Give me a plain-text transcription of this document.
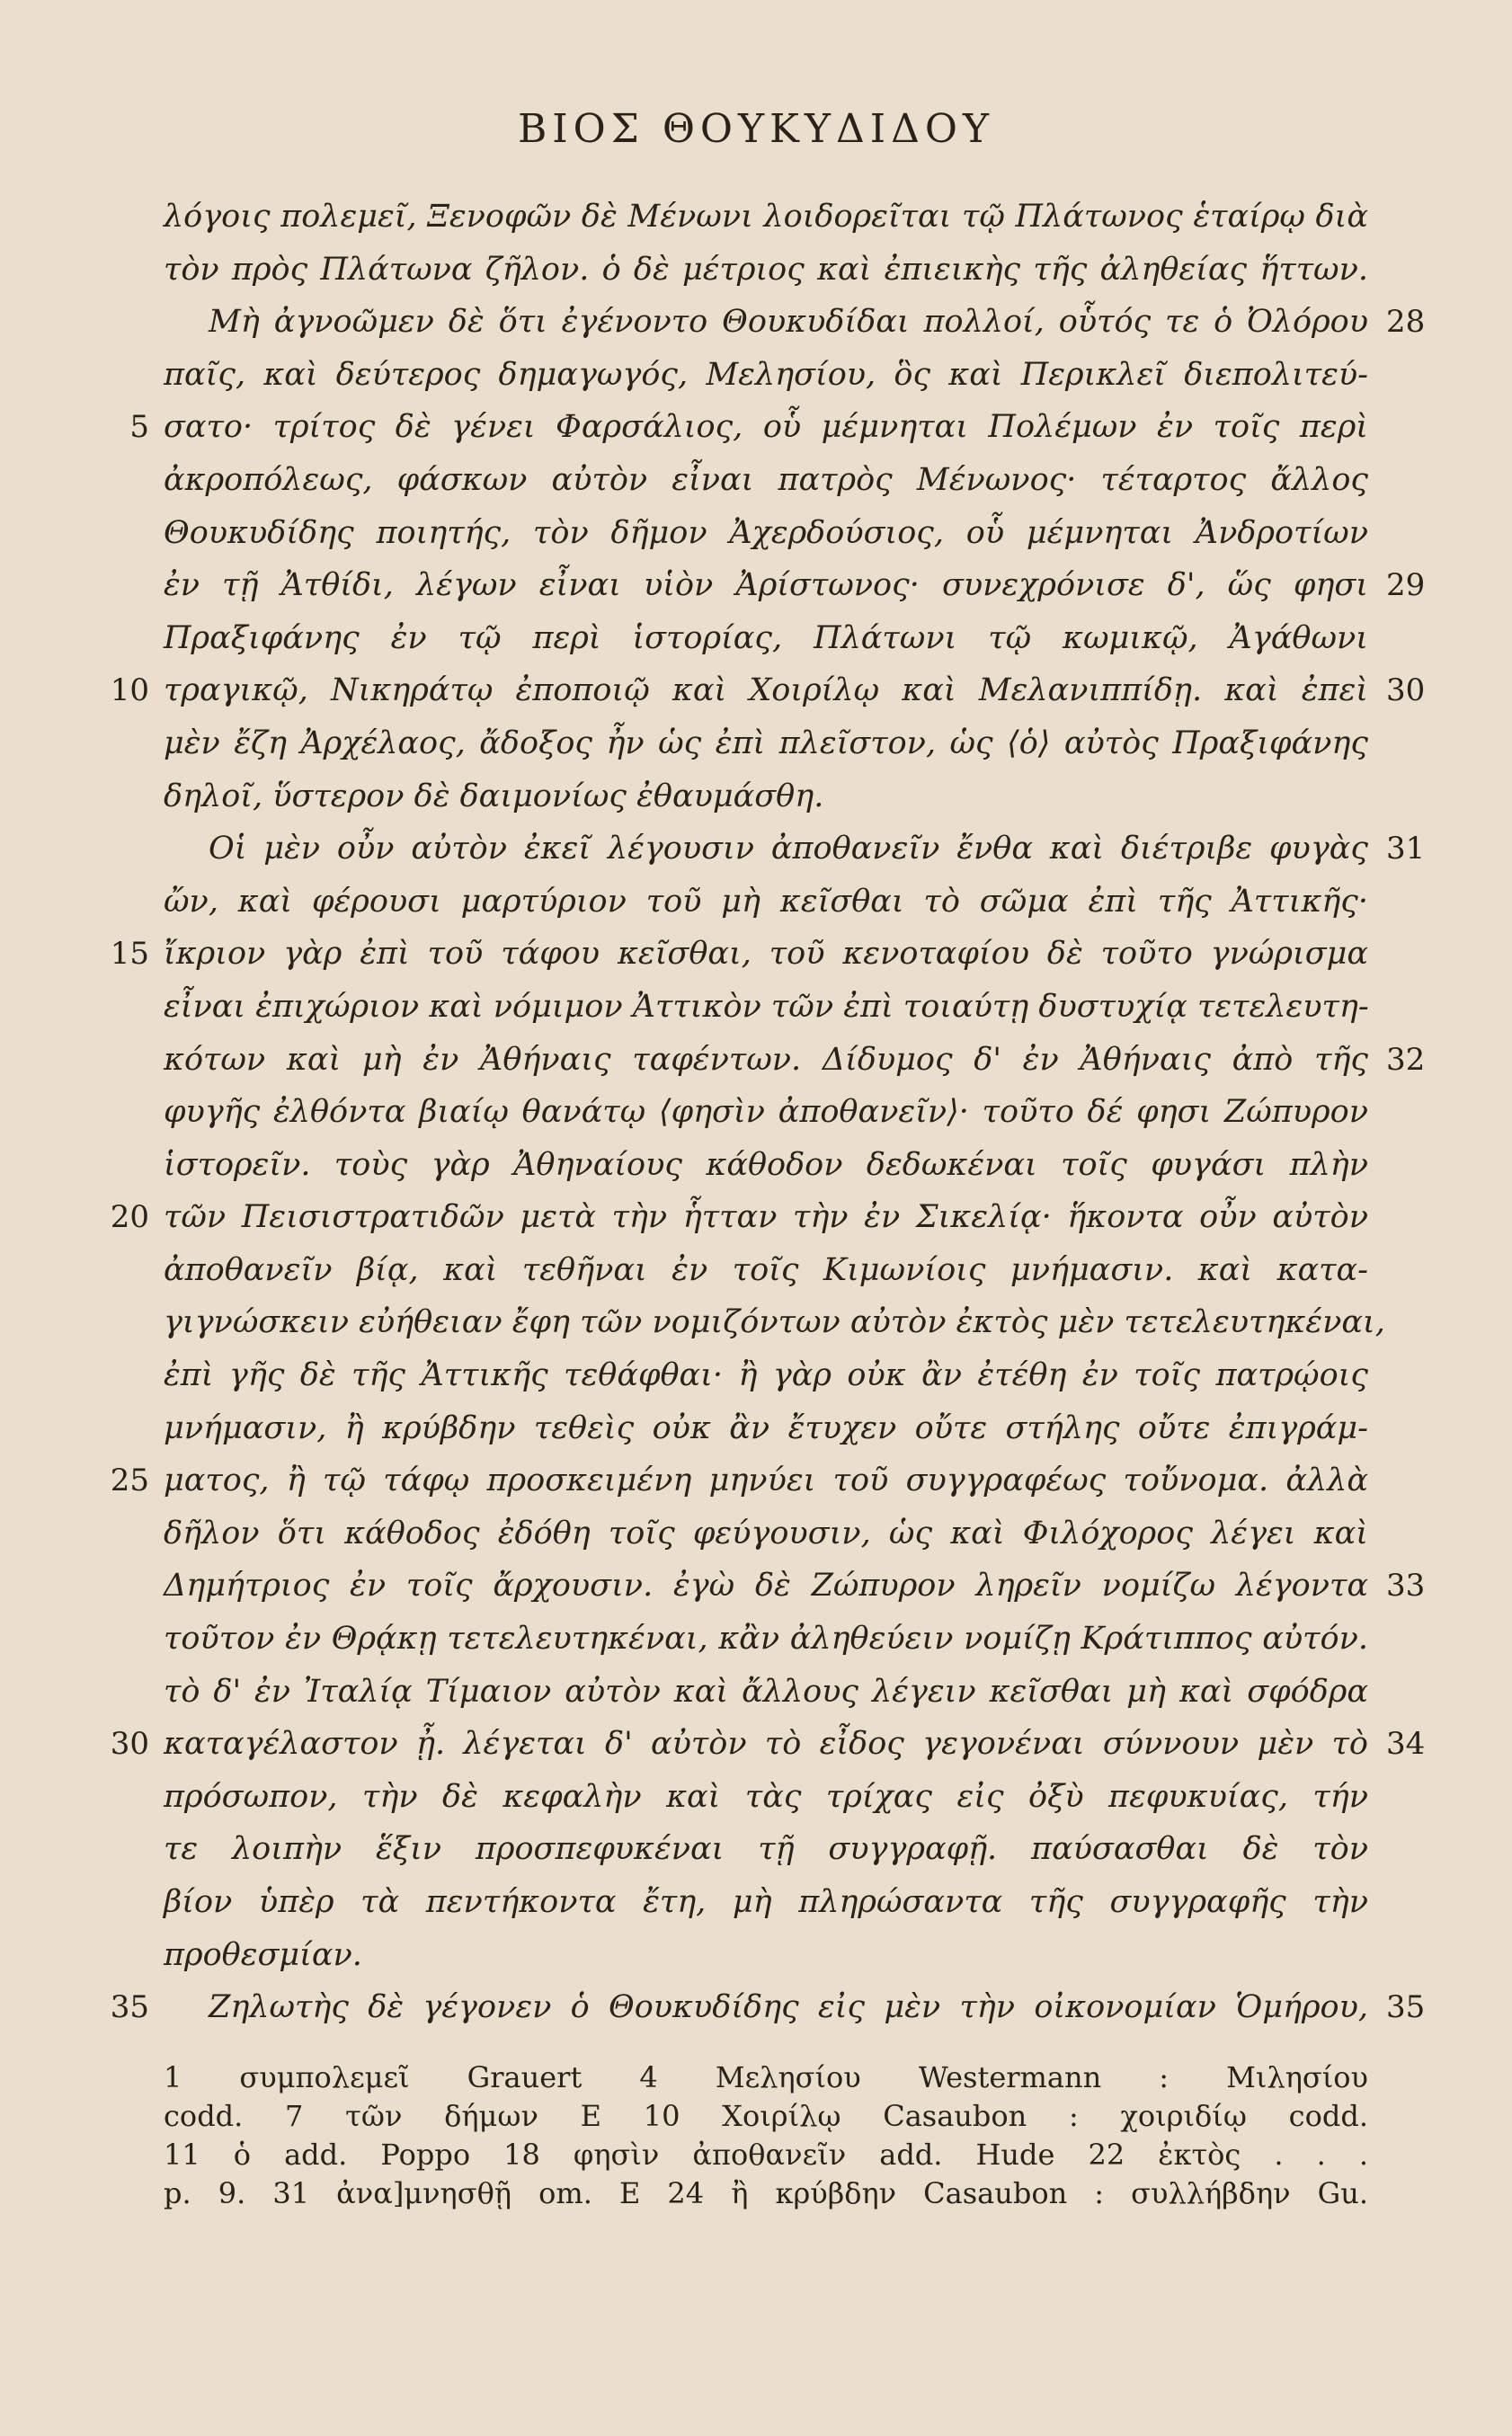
ΒΙΟΣ ΘΟΥΚΥΔΙΔΟΥ
λόγοις πολεμεῖ, Ξενοφῶν δὲ Μένωνι λοιδορεῖται τῷ Πλάτωνος ἑταίρῳ διὰ
τὸν πρὸς Πλάτωνα ζῆλον. ὁ δὲ μέτριος καὶ ἐπιεικὴς τῆς ἀληθείας ἥττων.
Μὴ ἀγνοῶμεν δὲ ὅτι ἐγένοντο Θουκυδίδαι πολλοί, οὗτός τε ὁ Ὀλόρου 28
παῖς, καὶ δεύτερος δημαγωγός, Μελησίου, ὃς καὶ Περικλεῖ διεπολιτεύ-
σατο· τρίτος δὲ γένει Φαρσάλιος, οὗ μέμνηται Πολέμων ἐν τοῖς περὶ
5
ἀκροπόλεως, φάσκων αὐτὸν εἶναι πατρὸς Μένωνος· τέταρτος ἄλλος
Θουκυδίδης ποιητής, τὸν δῆμον Ἀχερδούσιος, οὗ μέμνηται Ἀνδροτίων
ἐν τῇ Ἀτθίδι, λέγων εἶναι υἱὸν Ἀρίστωνος· συνεχρόνισε δ', ὥς φησι 29
Πραξιφάνης ἐν τῷ περὶ ἱστορίας, Πλάτωνι τῷ κωμικῷ, Ἀγάθωνι
τραγικῷ, Νικηράτῳ ἐποποιῷ καὶ Χοιρίλῳ καὶ Μελανιππίδῃ. καὶ ἐπεὶ
10	30
μὲν ἔζη Ἀρχέλαος, ἄδοξος ἦν ὡς ἐπὶ πλεῖστον, ὡς ⟨ὁ⟩ αὐτὸς Πραξιφάνης
δηλοῖ, ὕστερον δὲ δαιμονίως ἐθαυμάσθη.
Οἱ μὲν οὖν αὐτὸν ἐκεῖ λέγουσιν ἀποθανεῖν ἔνθα καὶ διέτριβε φυγὰς 31
ὤν, καὶ φέρουσι μαρτύριον τοῦ μὴ κεῖσθαι τὸ σῶμα ἐπὶ τῆς Ἀττικῆς·
ἴκριον γὰρ ἐπὶ τοῦ τάφου κεῖσθαι, τοῦ κενοταφίου δὲ τοῦτο γνώρισμα
15
εἶναι ἐπιχώριον καὶ νόμιμον Ἀττικὸν τῶν ἐπὶ τοιαύτῃ δυστυχίᾳ τετελευτη-
κότων καὶ μὴ ἐν Ἀθήναις ταφέντων. Δίδυμος δ' ἐν Ἀθήναις ἀπὸ τῆς 32
φυγῆς ἐλθόντα βιαίῳ θανάτῳ ⟨φησὶν ἀποθανεῖν⟩· τοῦτο δέ φησι Ζώπυρον
ἱστορεῖν. τοὺς γὰρ Ἀθηναίους κάθοδον δεδωκέναι τοῖς φυγάσι πλὴν
τῶν Πεισιστρατιδῶν μετὰ τὴν ἧτταν τὴν ἐν Σικελίᾳ· ἥκοντα οὖν αὐτὸν
20
ἀποθανεῖν βίᾳ, καὶ τεθῆναι ἐν τοῖς Κιμωνίοις μνήμασιν. καὶ κατα-
γιγνώσκειν εὐήθειαν ἔφη τῶν νομιζόντων αὐτὸν ἐκτὸς μὲν τετελευτηκέναι,
ἐπὶ γῆς δὲ τῆς Ἀττικῆς τεθάφθαι· ἢ γὰρ οὐκ ἂν ἐτέθη ἐν τοῖς πατρῴοις
μνήμασιν, ἢ κρύβδην τεθεὶς οὐκ ἂν ἔτυχεν οὔτε στήλης οὔτε ἐπιγράμ-
ματος, ἢ τῷ τάφῳ προσκειμένη μηνύει τοῦ συγγραφέως τοὔνομα. ἀλλὰ
25
δῆλον ὅτι κάθοδος ἐδόθη τοῖς φεύγουσιν, ὡς καὶ Φιλόχορος λέγει καὶ
Δημήτριος ἐν τοῖς ἄρχουσιν. ἐγὼ δὲ Ζώπυρον ληρεῖν νομίζω λέγοντα 33
τοῦτον ἐν Θρᾴκῃ τετελευτηκέναι, κἂν ἀληθεύειν νομίζῃ Κράτιππος αὐτόν.
τὸ δ' ἐν Ἰταλίᾳ Τίμαιον αὐτὸν καὶ ἄλλους λέγειν κεῖσθαι μὴ καὶ σφόδρα
καταγέλαστον ᾖ. λέγεται δ' αὐτὸν τὸ εἶδος γεγονέναι σύννουν μὲν τὸ
30	34
πρόσωπον, τὴν δὲ κεφαλὴν καὶ τὰς τρίχας εἰς ὀξὺ πεφυκυίας, τήν
τε λοιπὴν ἕξιν προσπεφυκέναι τῇ συγγραφῇ. παύσασθαι δὲ τὸν
βίον ὑπὲρ τὰ πεντήκοντα ἔτη, μὴ πληρώσαντα τῆς συγγραφῆς τὴν
προθεσμίαν.
Ζηλωτὴς δὲ γέγονεν ὁ Θουκυδίδης εἰς μὲν τὴν οἰκονομίαν Ὁμήρου,
35	35
1 συμπολεμεῖ Grauert 4 Μελησίου Westermann : Μιλησίου
codd. 7 τῶν δήμων E 10 Χοιρίλῳ Casaubon : χοιριδίῳ codd.
11 ὁ add. Poppo 18 φησὶν ἀποθανεῖν add. Hude 22 ἐκτὸς . . .
p. 9. 31 ἀνα]μνησθῇ om. E 24 ἢ κρύβδην Casaubon : συλλήβδην Gu.
